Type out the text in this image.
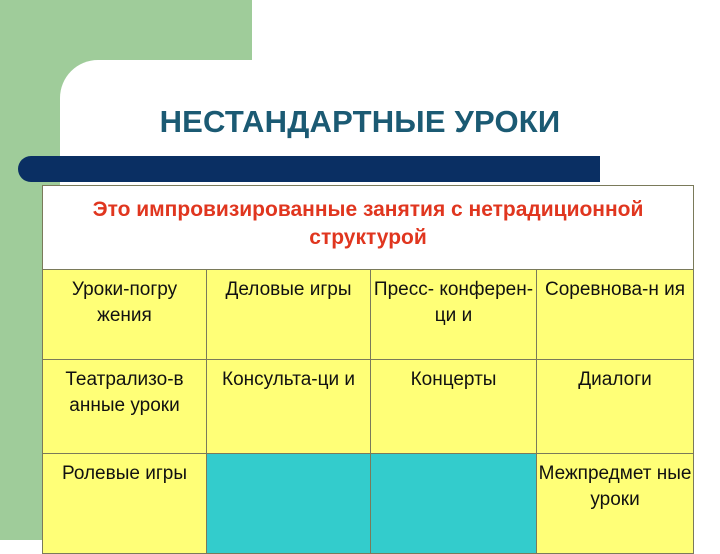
НЕСТАНДАРТНЫЕ УРОКИ
Это импровизированные занятия с нетрадиционной структурой			
Уроки-погру жения	Деловые игры	Пресс- конферен-ци и	Соревнова-н ия
Театрализо-в анные уроки	Консульта-ци и	Концерты	Диалоги
Ролевые игры			Межпредмет ные уроки
